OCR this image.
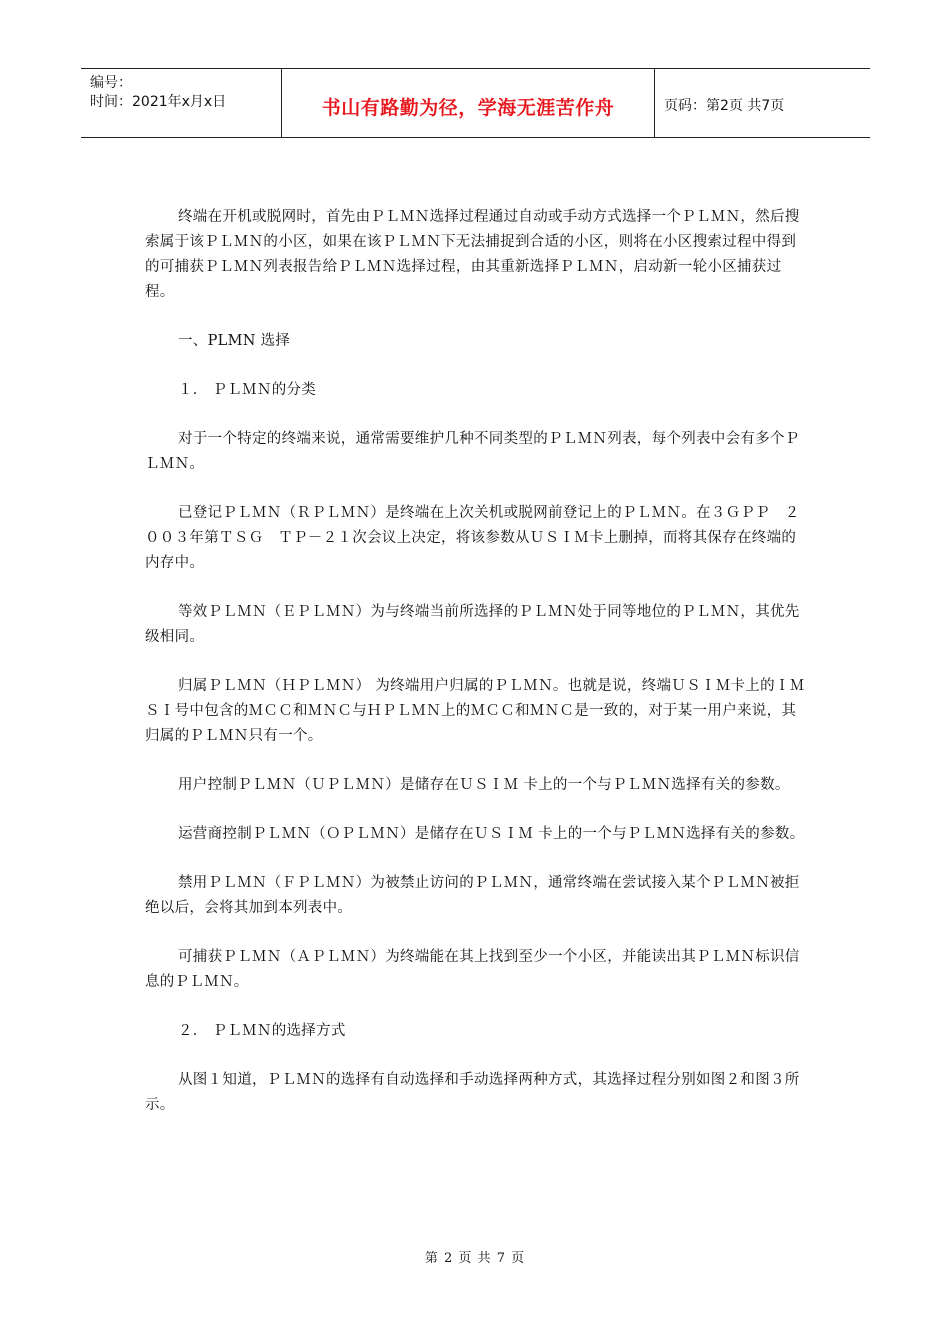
编号：
时间：2021年x月x日	书山有路勤为径，学海无涯苦作舟	页码：第2页 共7页

终端在开机或脱网时，首先由ＰＬＭＮ选择过程通过自动或手动方式选择一个ＰＬＭＮ，然后搜索属于该ＰＬＭＮ的小区，如果在该ＰＬＭＮ下无法捕捉到合适的小区，则将在小区搜索过程中得到的可捕获ＰＬＭＮ列表报告给ＰＬＭＮ选择过程，由其重新选择ＰＬＭＮ，启动新一轮小区捕获过程。

一、PLMN 选择

１． ＰＬＭＮ的分类

对于一个特定的终端来说，通常需要维护几种不同类型的ＰＬＭＮ列表，每个列表中会有多个ＰＬＭＮ。

已登记ＰＬＭＮ（ＲＰＬＭＮ）是终端在上次关机或脱网前登记上的ＰＬＭＮ。在３ＧＰＰ　２００３年第ＴＳＧ　ＴＰ－２１次会议上决定，将该参数从ＵＳＩＭ卡上删掉，而将其保存在终端的内存中。

等效ＰＬＭＮ（ＥＰＬＭＮ）为与终端当前所选择的ＰＬＭＮ处于同等地位的ＰＬＭＮ，其优先级相同。

归属ＰＬＭＮ（ＨＰＬＭＮ） 为终端用户归属的ＰＬＭＮ。也就是说，终端ＵＳＩＭ卡上的ＩＭＳＩ号中包含的ＭＣＣ和ＭＮＣ与ＨＰＬＭＮ上的ＭＣＣ和ＭＮＣ是一致的，对于某一用户来说，其归属的ＰＬＭＮ只有一个。

用户控制ＰＬＭＮ（ＵＰＬＭＮ）是储存在ＵＳＩＭ 卡上的一个与ＰＬＭＮ选择有关的参数。

运营商控制ＰＬＭＮ（ＯＰＬＭＮ）是储存在ＵＳＩＭ 卡上的一个与ＰＬＭＮ选择有关的参数。

禁用ＰＬＭＮ（ＦＰＬＭＮ）为被禁止访问的ＰＬＭＮ，通常终端在尝试接入某个ＰＬＭＮ被拒绝以后，会将其加到本列表中。

可捕获ＰＬＭＮ（ＡＰＬＭＮ）为终端能在其上找到至少一个小区，并能读出其ＰＬＭＮ标识信息的ＰＬＭＮ。

２． ＰＬＭＮ的选择方式

从图１知道，ＰＬＭＮ的选择有自动选择和手动选择两种方式，其选择过程分别如图２和图３所示。

第 2 页 共 7 页
